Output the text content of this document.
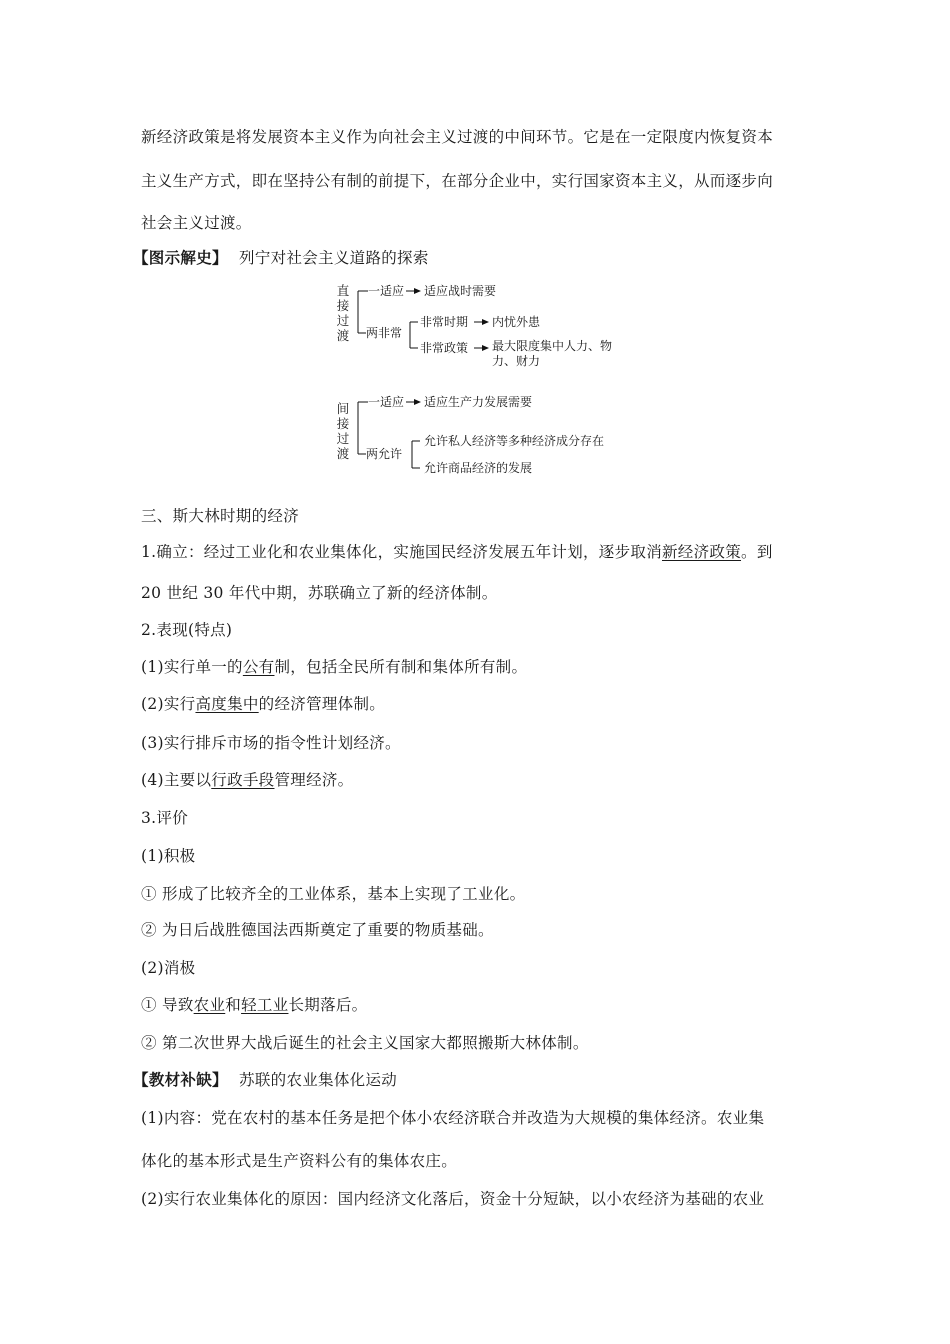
新经济政策是将发展资本主义作为向社会主义过渡的中间环节。它是在一定限度内恢复资本
主义生产方式，即在坚持公有制的前提下，在部分企业中，实行国家资本主义，从而逐步向
社会主义过渡。
【图示解史】 列宁对社会主义道路的探索
直
接
过
渡
一适应 适应战时需要
两非常
非常时期 内忧外患
非常政策 最大限度集中人力、物
力、财力
间
接
过
渡
一适应 适应生产力发展需要
两允许
允许私人经济等多种经济成分存在
允许商品经济的发展
三、斯大林时期的经济
1.确立：经过工业化和农业集体化，实施国民经济发展五年计划，逐步取消新经济政策。到
20 世纪 30 年代中期，苏联确立了新的经济体制。
2.表现(特点)
(1)实行单一的公有制，包括全民所有制和集体所有制。
(2)实行高度集中的经济管理体制。
(3)实行排斥市场的指令性计划经济。
(4)主要以行政手段管理经济。
3.评价
(1)积极
① 形成了比较齐全的工业体系，基本上实现了工业化。
② 为日后战胜德国法西斯奠定了重要的物质基础。
(2)消极
① 导致农业和轻工业长期落后。
② 第二次世界大战后诞生的社会主义国家大都照搬斯大林体制。
【教材补缺】 苏联的农业集体化运动
(1)内容：党在农村的基本任务是把个体小农经济联合并改造为大规模的集体经济。农业集
体化的基本形式是生产资料公有的集体农庄。
(2)实行农业集体化的原因：国内经济文化落后，资金十分短缺，以小农经济为基础的农业
